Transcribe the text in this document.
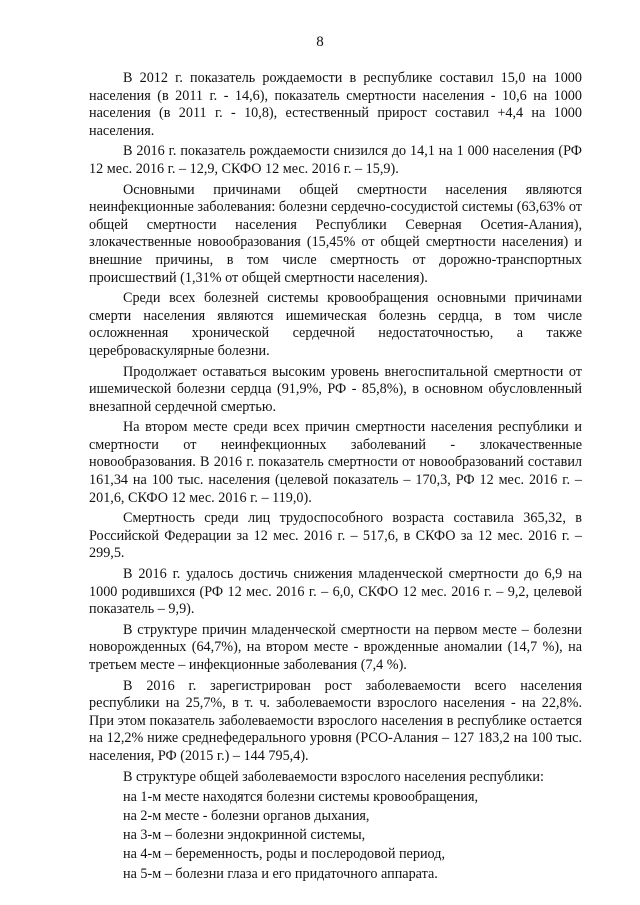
8

В 2012 г. показатель рождаемости в республике составил 15,0 на 1000 населения (в 2011 г. - 14,6), показатель смертности населения - 10,6 на 1000 населения (в 2011 г. - 10,8), естественный прирост составил +4,4 на 1000 населения.

В 2016 г. показатель рождаемости снизился до 14,1 на 1 000 населения (РФ 12 мес. 2016 г. – 12,9, СКФО 12 мес. 2016 г. – 15,9).

Основными причинами общей смертности населения являются неинфекционные заболевания: болезни сердечно-сосудистой системы (63,63% от общей смертности населения Республики Северная Осетия-Алания), злокачественные новообразования (15,45% от общей смертности населения) и внешние причины, в том числе смертность от дорожно-транспортных происшествий (1,31% от общей смертности населения).

Среди всех болезней системы кровообращения основными причинами смерти населения являются ишемическая болезнь сердца, в том числе осложненная хронической сердечной недостаточностью, а также цереброваскулярные болезни.

Продолжает оставаться высоким уровень внегоспитальной смертности от ишемической болезни сердца (91,9%, РФ - 85,8%), в основном обусловленный внезапной сердечной смертью.

На втором месте среди всех причин смертности населения республики и смертности от неинфекционных заболеваний - злокачественные новообразования. В 2016 г. показатель смертности от новообразований составил 161,34 на 100 тыс. населения (целевой показатель – 170,3, РФ 12 мес. 2016 г. – 201,6, СКФО 12 мес. 2016 г. – 119,0).

Смертность среди лиц трудоспособного возраста составила 365,32, в Российской Федерации за 12 мес. 2016 г. – 517,6, в СКФО за 12 мес. 2016 г. – 299,5.

В 2016 г. удалось достичь снижения младенческой смертности до 6,9 на 1000 родившихся (РФ 12 мес. 2016 г. – 6,0, СКФО 12 мес. 2016 г. – 9,2, целевой показатель – 9,9).

В структуре причин младенческой смертности на первом месте – болезни новорожденных (64,7%), на втором месте - врожденные аномалии (14,7 %), на третьем месте – инфекционные заболевания (7,4 %).

В 2016 г. зарегистрирован рост заболеваемости всего населения республики на 25,7%, в т. ч. заболеваемости взрослого населения - на 22,8%. При этом показатель заболеваемости взрослого населения в республике остается на 12,2% ниже среднефедерального уровня (РСО-Алания – 127 183,2 на 100 тыс. населения, РФ (2015 г.) – 144 795,4).

В структуре общей заболеваемости взрослого населения республики:

на 1-м месте находятся болезни системы кровообращения,
на 2-м месте - болезни органов дыхания,
на 3-м – болезни эндокринной системы,
на 4-м – беременность, роды и послеродовой период,
на 5-м – болезни глаза и его придаточного аппарата.
